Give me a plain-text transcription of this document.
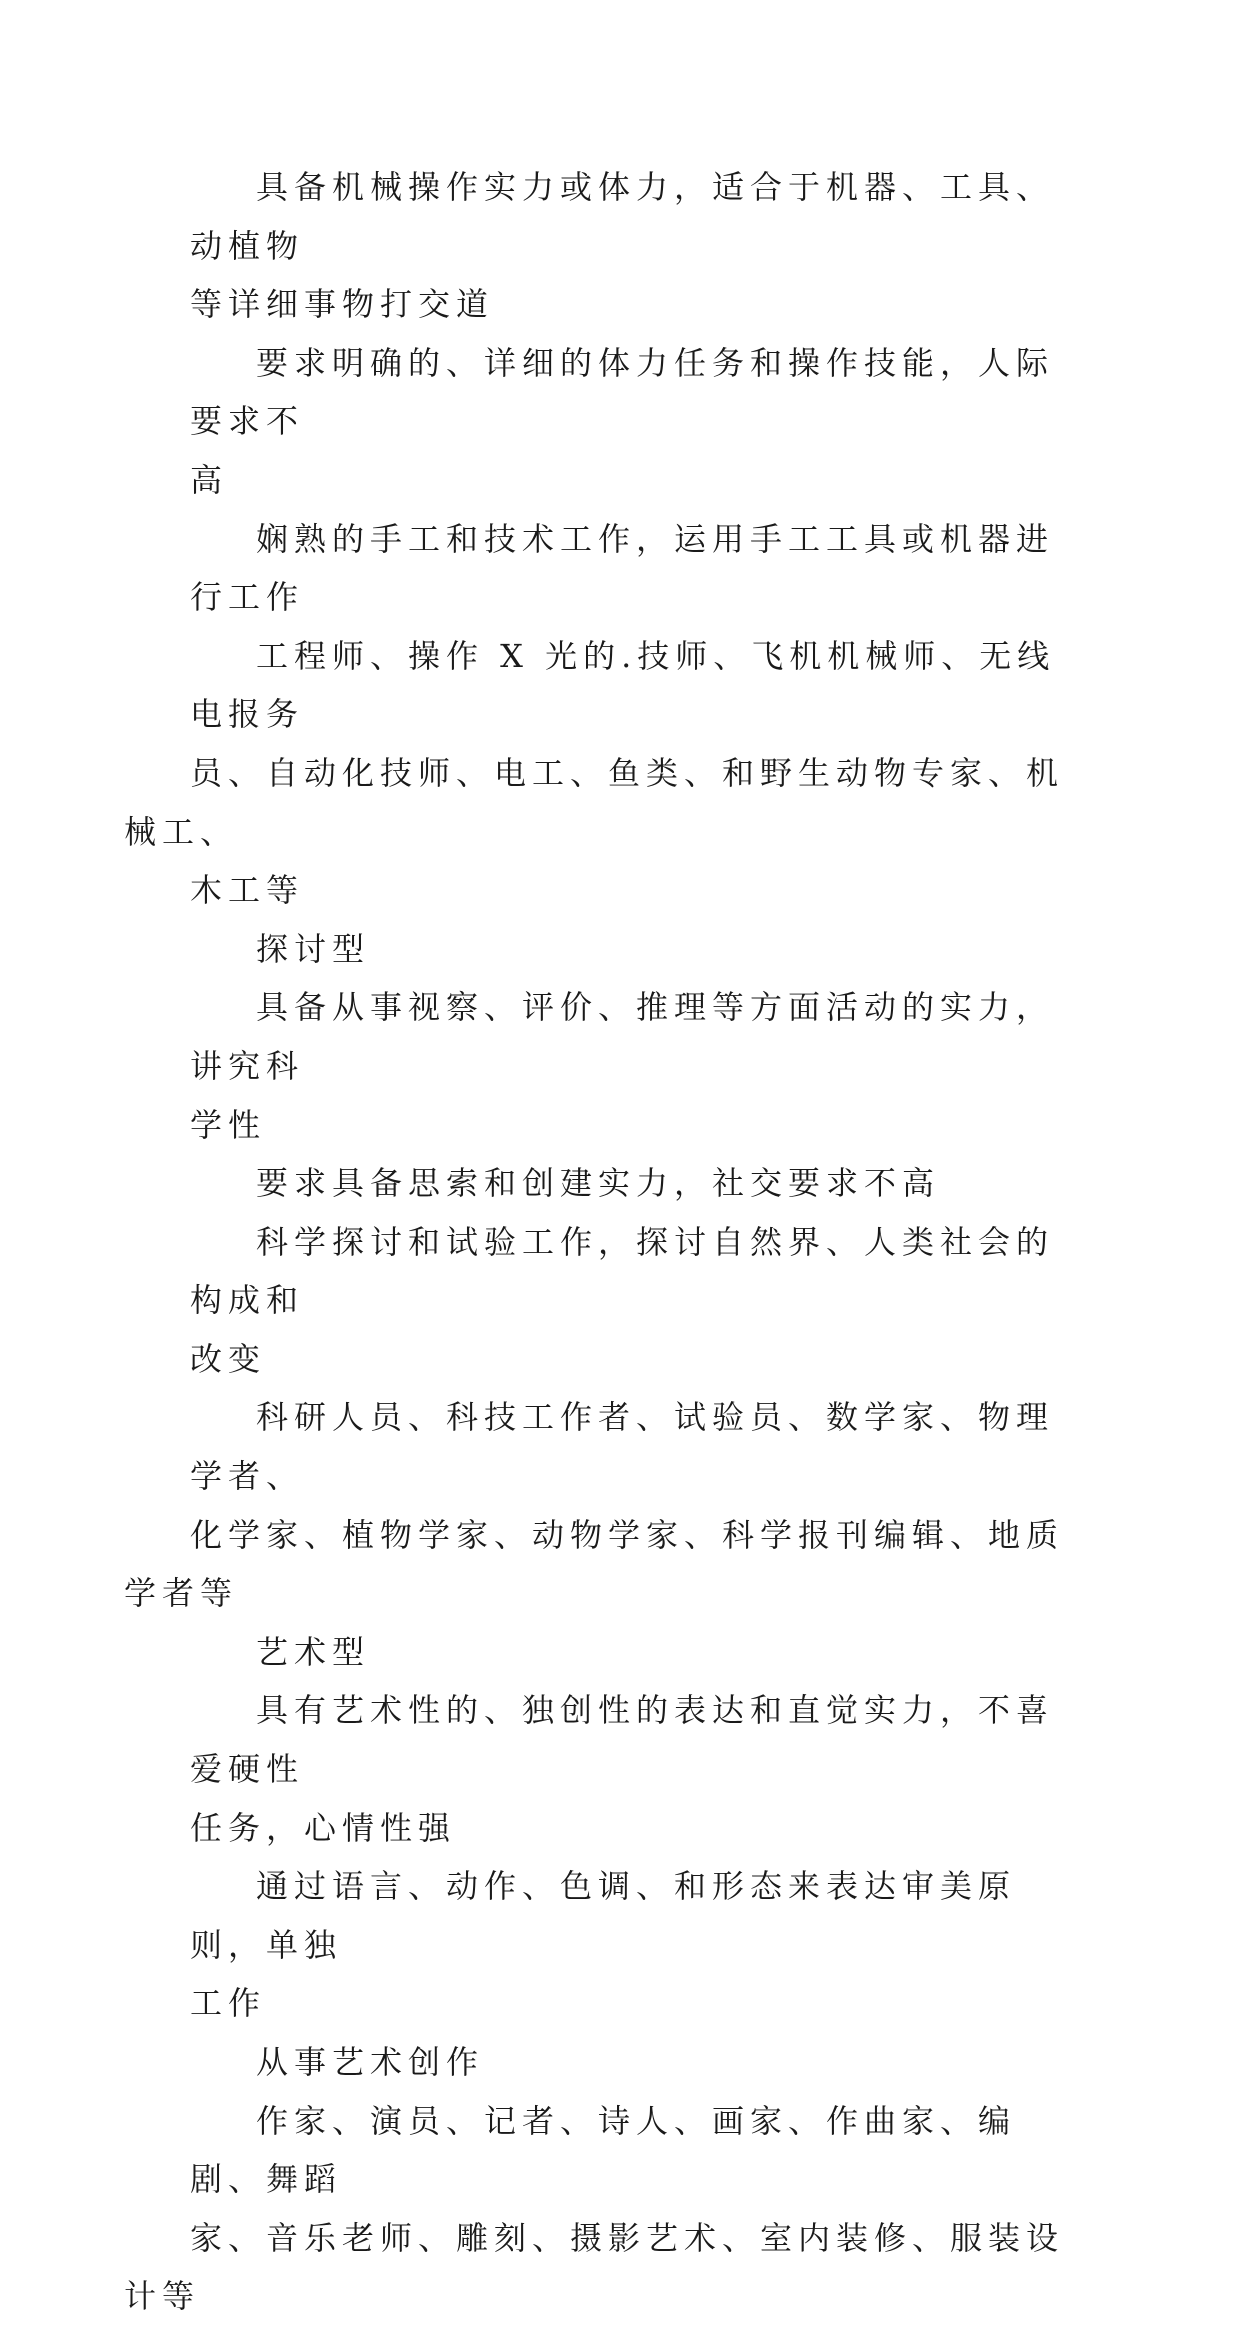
具备机械操作实力或体力，适合于机器、工具、动植物
等详细事物打交道

要求明确的、详细的体力任务和操作技能，人际要求不
高

娴熟的手工和技术工作，运用手工工具或机器进行工作

工程师、操作 X 光的.技师、飞机机械师、无线电报务
员、自动化技师、电工、鱼类、和野生动物专家、机械工、
木工等

探讨型

具备从事视察、评价、推理等方面活动的实力，讲究科
学性

要求具备思索和创建实力，社交要求不高

科学探讨和试验工作，探讨自然界、人类社会的构成和
改变

科研人员、科技工作者、试验员、数学家、物理学者、
化学家、植物学家、动物学家、科学报刊编辑、地质学者等

艺术型

具有艺术性的、独创性的表达和直觉实力，不喜爱硬性
任务，心情性强

通过语言、动作、色调、和形态来表达审美原则，单独
工作

从事艺术创作

作家、演员、记者、诗人、画家、作曲家、编剧、舞蹈
家、音乐老师、雕刻、摄影艺术、室内装修、服装设计等
